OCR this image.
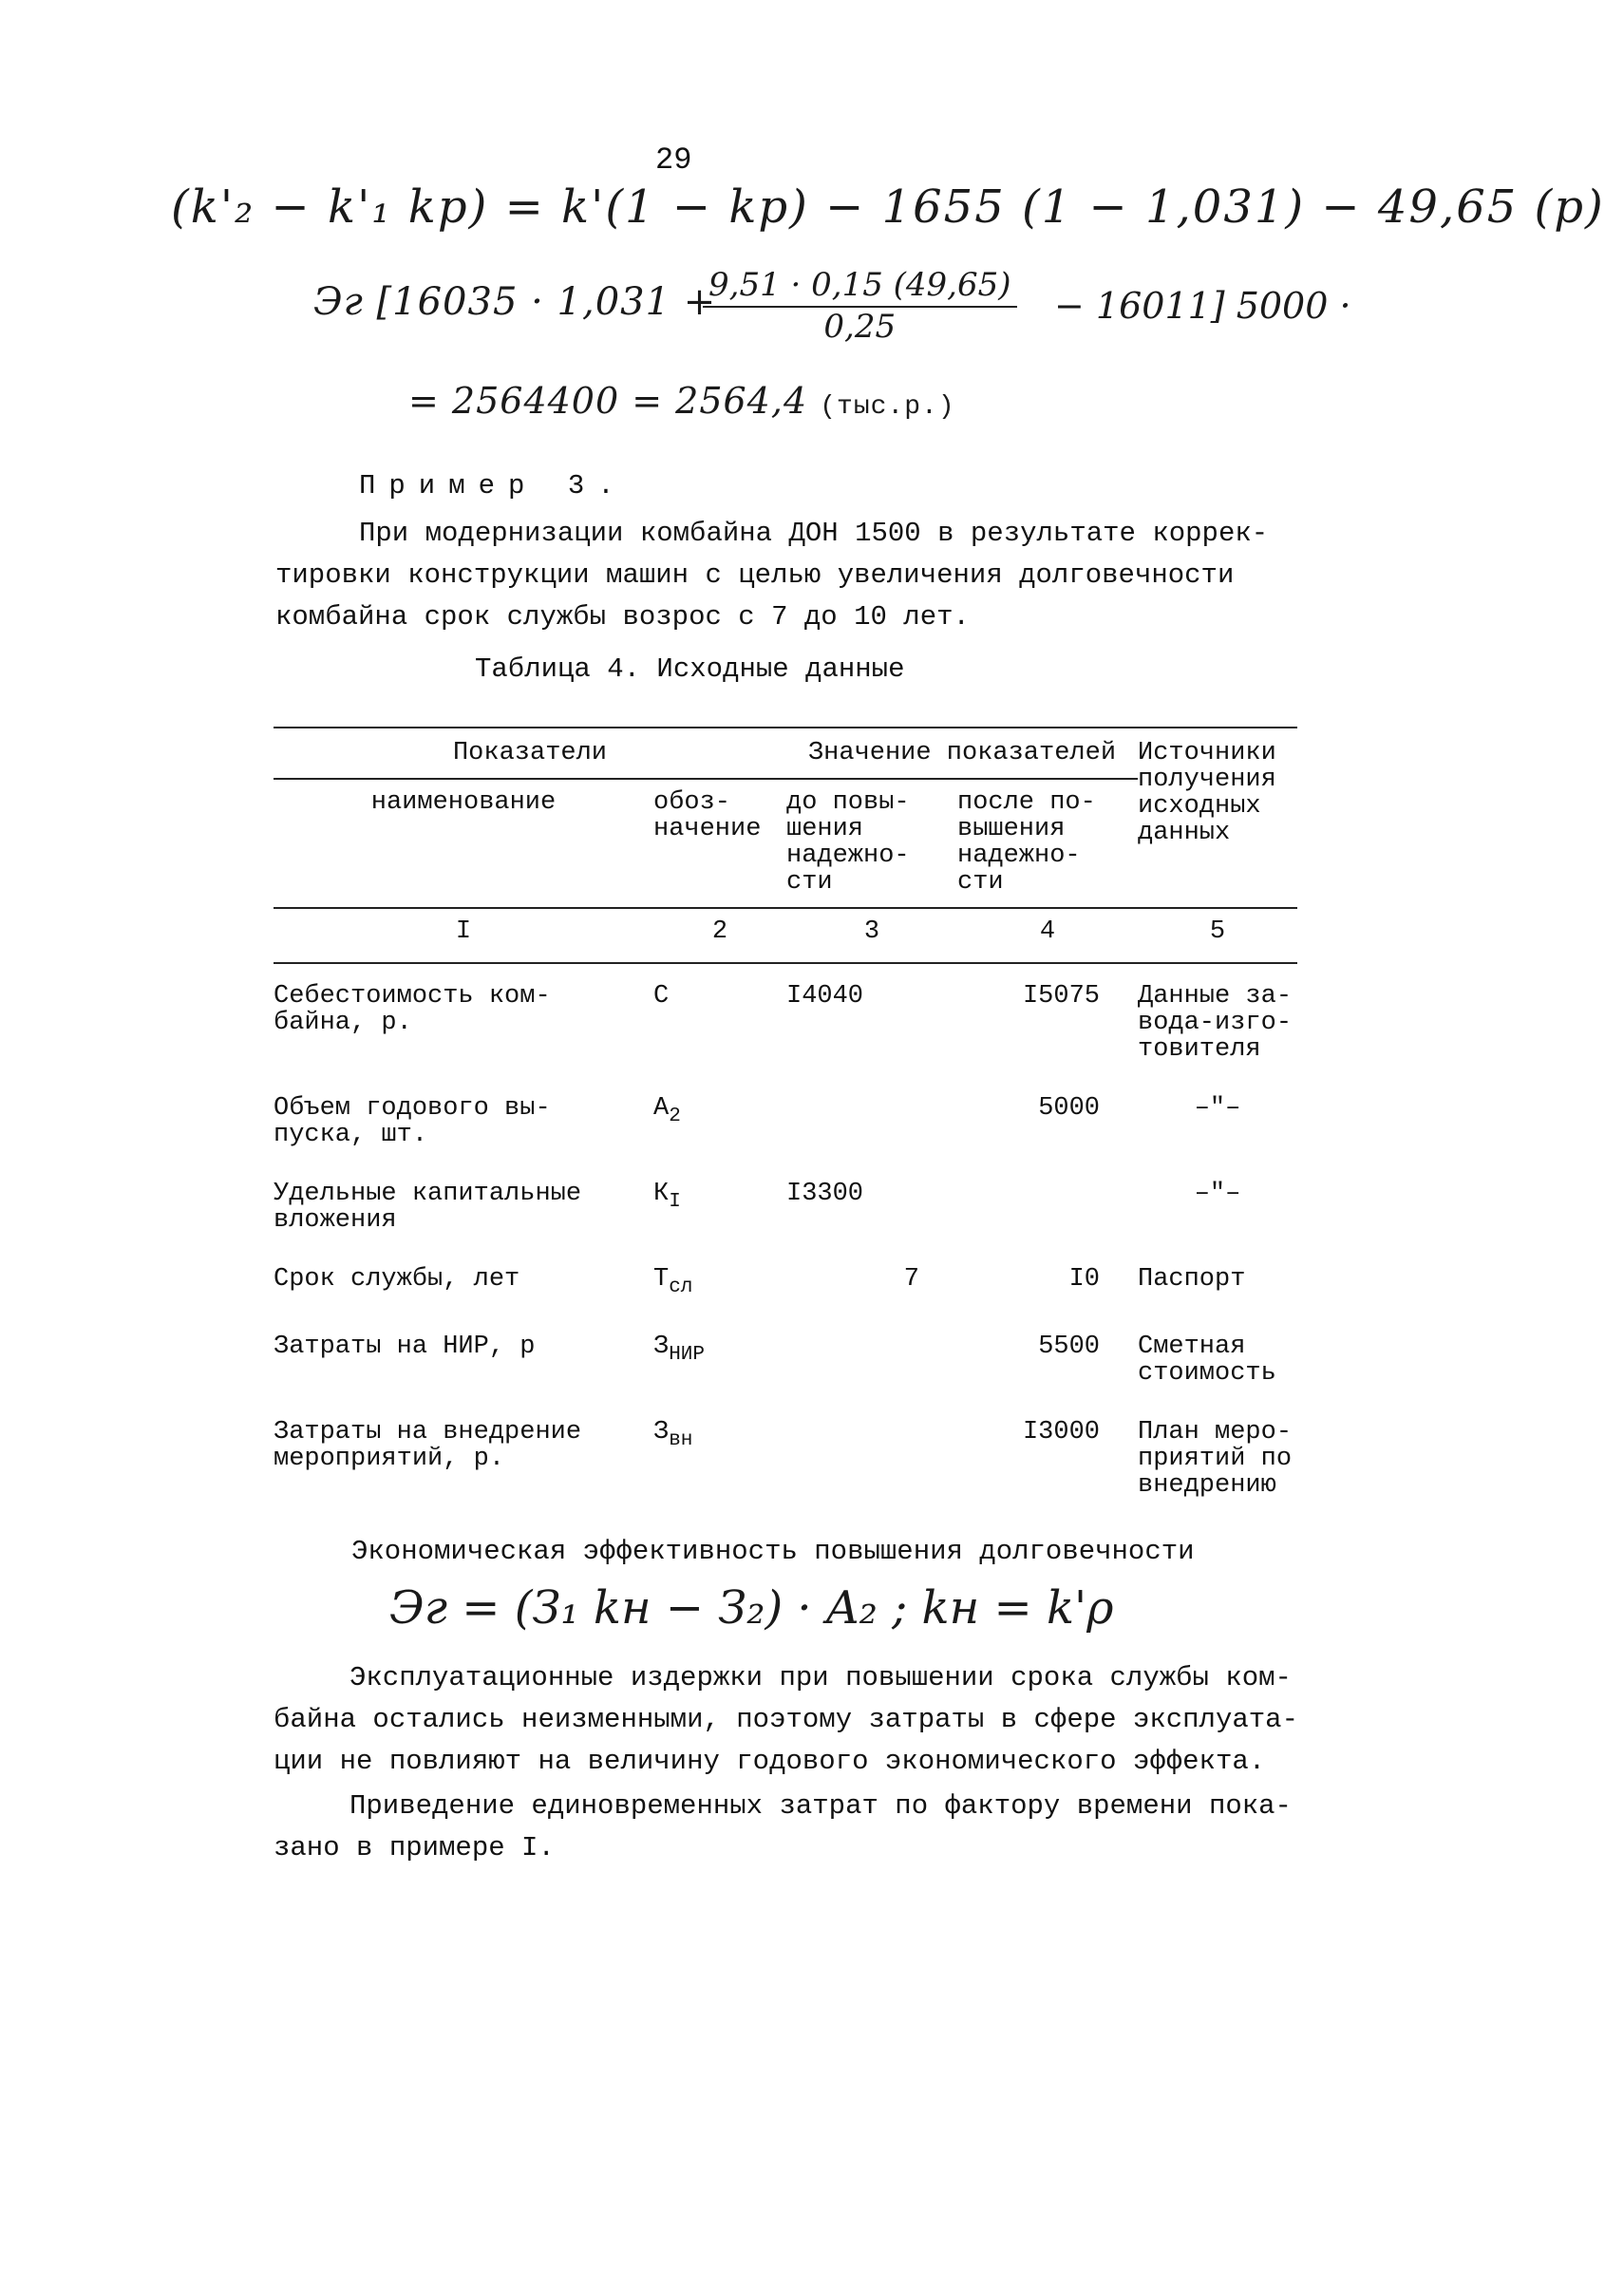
29
(k'₂ − k'₁ kр) = k'(1 − kр) − 1655 (1 − 1,031) − 49,65 (р)
Эг [16035 · 1,031 +
$\frac{9,51 \cdot 0,15 (49,65)}{0,25} - 16011$] 5000 ·
= 2564400 = 2564,4 (тыс.р.)
Пример 3.
При модернизации комбайна ДОН 1500 в результате коррек-
тировки конструкции машин с целью увеличения долговечности
комбайна срок службы возрос с 7 до 10 лет.
Таблица 4. Исходные данные
Показатели		Значение показателей		Источники получения исходных данных
наименование	обоз- начение	до повы- шения надежно- сти	после по- вышения надежно- сти	
I	2	3	4	5
Себестоимость ком- байна, р.	С	I4040	I5075	Данные за- вода-изго- товителя
Объем годового вы- пуска, шт.	$А_2$		5000	–"–
Удельные капитальные вложения	$К_I$	I3300		–"–
Срок службы, лет	$Т_{сл}$	7	I0	Паспорт
Затраты на НИР, р	$З_{НИР}$		5500	Сметная стоимость
Затраты на внедрение мероприятий, р.	$З_{вн}$		I3000	План меро- приятий по внедрению
Экономическая эффективность повышения долговечности
Эг = (З₁ kн − З₂) · A₂ ; kн = k'ρ
Эксплуатационные издержки при повышении срока службы ком-
байна остались неизменными, поэтому затраты в сфере эксплуата-
ции не повлияют на величину годового экономического эффекта.
Приведение единовременных затрат по фактору времени пока-
зано в примере I.
